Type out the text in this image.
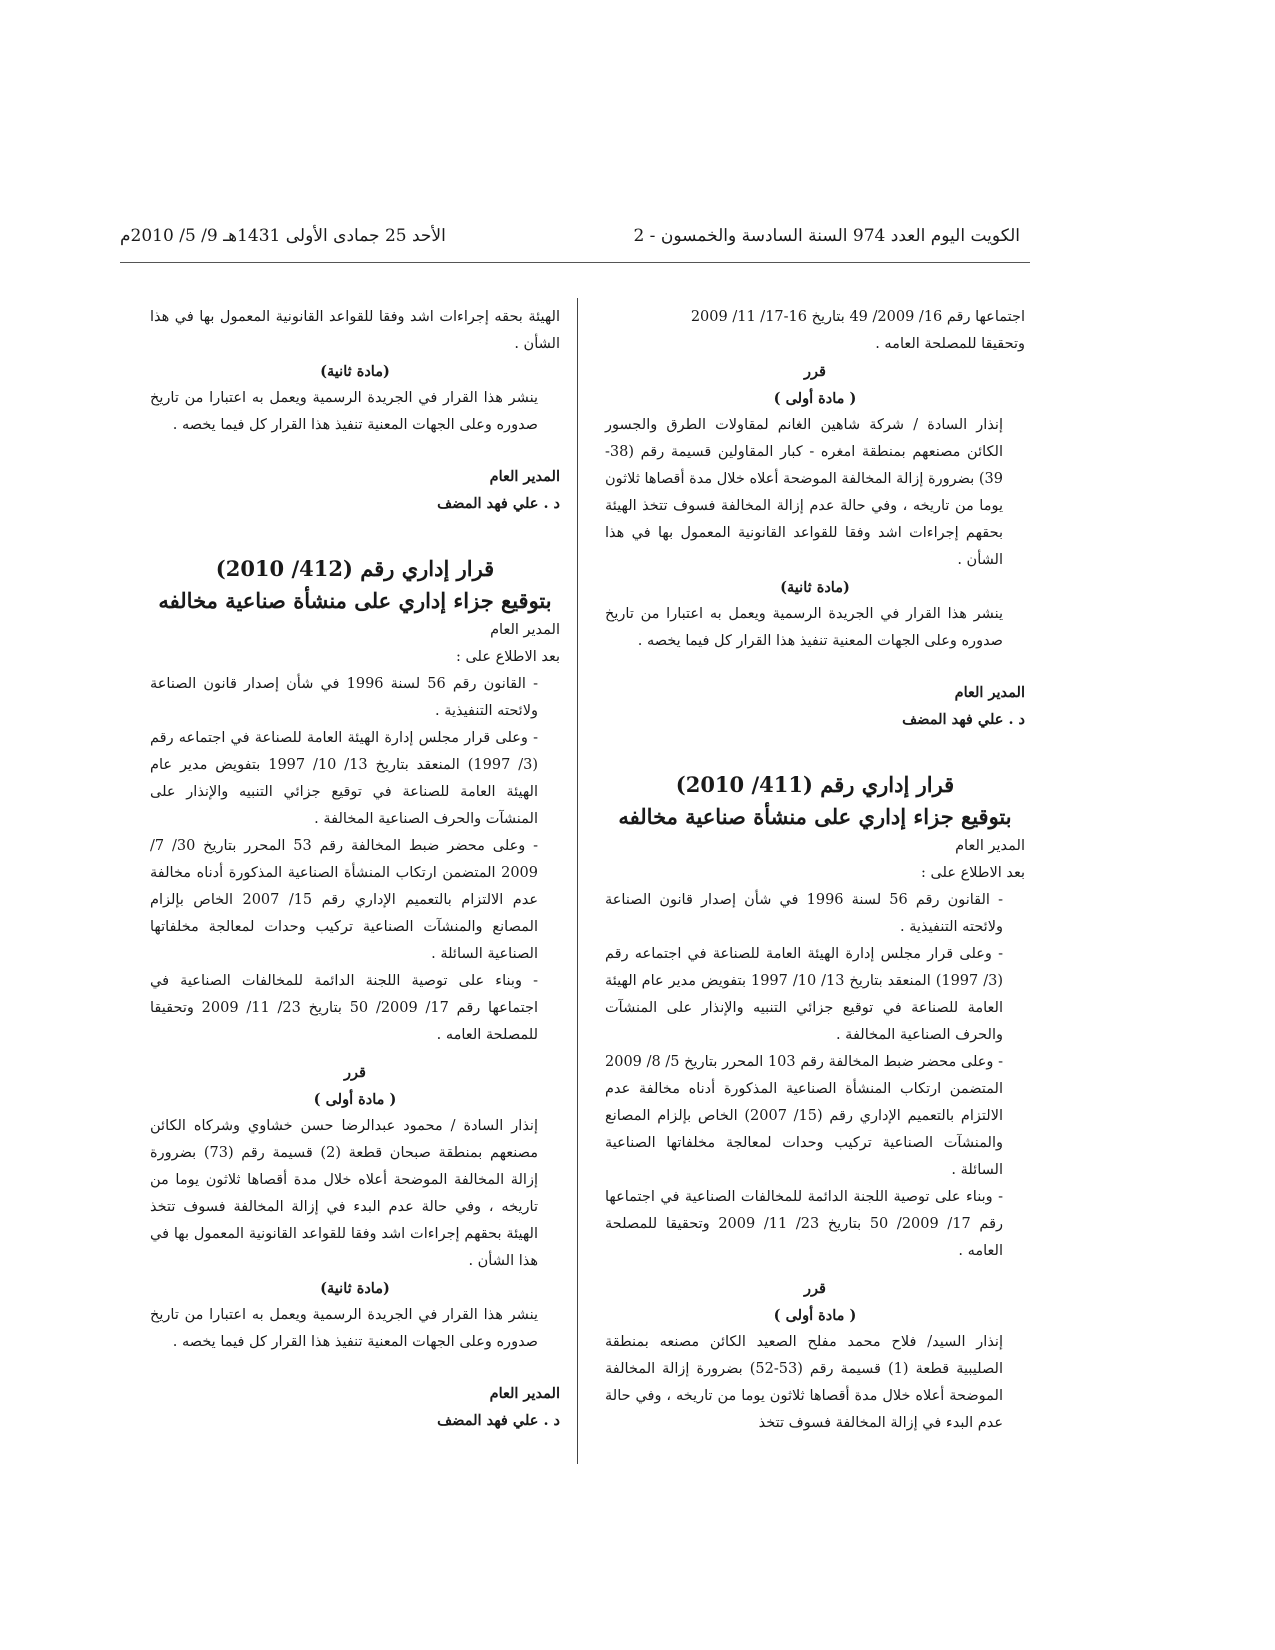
الكويت اليوم العدد 974 السنة السادسة والخمسون - 2
الأحد 25 جمادى الأولى 1431هـ 9/ 5/ 2010م

اجتماعها رقم 16/ 2009/ 49 بتاريخ 16-17/ 11/ 2009

وتحقيقا للمصلحة العامه .

قرر

( مادة أولى )

إنذار السادة / شركة شاهين الغانم لمقاولات الطرق والجسور الكائن مصنعهم بمنطقة امغره - كبار المقاولين قسيمة رقم (38-39) بضرورة إزالة المخالفة الموضحة أعلاه خلال مدة أقصاها ثلاثون يوما من تاريخه ، وفي حالة عدم إزالة المخالفة فسوف تتخذ الهيئة بحقهم إجراءات اشد وفقا للقواعد القانونية المعمول بها في هذا الشأن .

(مادة ثانية)

ينشر هذا القرار في الجريدة الرسمية ويعمل به اعتبارا من تاريخ صدوره وعلى الجهات المعنية تنفيذ هذا القرار كل فيما يخصه .

المدير العام

د . علي فهد المضف

قرار إداري رقم (411/ 2010)

بتوقيع جزاء إداري على منشأة صناعية مخالفه

المدير العام

بعد الاطلاع على :

- القانون رقم 56 لسنة 1996 في شأن إصدار قانون الصناعة ولائحته التنفيذية .

- وعلى قرار مجلس إدارة الهيئة العامة للصناعة في اجتماعه رقم (3/ 1997) المنعقد بتاريخ 13/ 10/ 1997 بتفويض مدير عام الهيئة العامة للصناعة في توقيع جزائي التنبيه والإنذار على المنشآت والحرف الصناعية المخالفة .

- وعلى محضر ضبط المخالفة رقم 103 المحرر بتاريخ 5/ 8/ 2009 المتضمن ارتكاب المنشأة الصناعية المذكورة أدناه مخالفة عدم الالتزام بالتعميم الإداري رقم (15/ 2007) الخاص بإلزام المصانع والمنشآت الصناعية تركيب وحدات لمعالجة مخلفاتها الصناعية السائلة .

- وبناء على توصية اللجنة الدائمة للمخالفات الصناعية في اجتماعها رقم 17/ 2009/ 50 بتاريخ 23/ 11/ 2009 وتحقيقا للمصلحة العامه .

قرر

( مادة أولى )

إنذار السيد/ فلاح محمد مفلح الصعيد الكائن مصنعه بمنطقة الصليبية قطعة (1) قسيمة رقم (53-52) بضرورة إزالة المخالفة الموضحة أعلاه خلال مدة أقصاها ثلاثون يوما من تاريخه ، وفي حالة عدم البدء في إزالة المخالفة فسوف تتخذ

الهيئة بحقه إجراءات اشد وفقا للقواعد القانونية المعمول بها في هذا الشأن .

(مادة ثانية)

ينشر هذا القرار في الجريدة الرسمية ويعمل به اعتبارا من تاريخ صدوره وعلى الجهات المعنية تنفيذ هذا القرار كل فيما يخصه .

المدير العام

د . علي فهد المضف

قرار إداري رقم (412/ 2010)

بتوقيع جزاء إداري على منشأة صناعية مخالفه

المدير العام

بعد الاطلاع على :

- القانون رقم 56 لسنة 1996 في شأن إصدار قانون الصناعة ولائحته التنفيذية .

- وعلى قرار مجلس إدارة الهيئة العامة للصناعة في اجتماعه رقم (3/ 1997) المنعقد بتاريخ 13/ 10/ 1997 بتفويض مدير عام الهيئة العامة للصناعة في توقيع جزائي التنبيه والإنذار على المنشآت والحرف الصناعية المخالفة .

- وعلى محضر ضبط المخالفة رقم 53 المحرر بتاريخ 30/ 7/ 2009 المتضمن ارتكاب المنشأة الصناعية المذكورة أدناه مخالفة عدم الالتزام بالتعميم الإداري رقم 15/ 2007 الخاص بإلزام المصانع والمنشآت الصناعية تركيب وحدات لمعالجة مخلفاتها الصناعية السائلة .

- وبناء على توصية اللجنة الدائمة للمخالفات الصناعية في اجتماعها رقم 17/ 2009/ 50 بتاريخ 23/ 11/ 2009 وتحقيقا للمصلحة العامه .

قرر

( مادة أولى )

إنذار السادة / محمود عبدالرضا حسن خشاوي وشركاه الكائن مصنعهم بمنطقة صبحان قطعة (2) قسيمة رقم (73) بضرورة إزالة المخالفة الموضحة أعلاه خلال مدة أقصاها ثلاثون يوما من تاريخه ، وفي حالة عدم البدء في إزالة المخالفة فسوف تتخذ الهيئة بحقهم إجراءات اشد وفقا للقواعد القانونية المعمول بها في هذا الشأن .

(مادة ثانية)

ينشر هذا القرار في الجريدة الرسمية ويعمل به اعتبارا من تاريخ صدوره وعلى الجهات المعنية تنفيذ هذا القرار كل فيما يخصه .

المدير العام

د . علي فهد المضف
